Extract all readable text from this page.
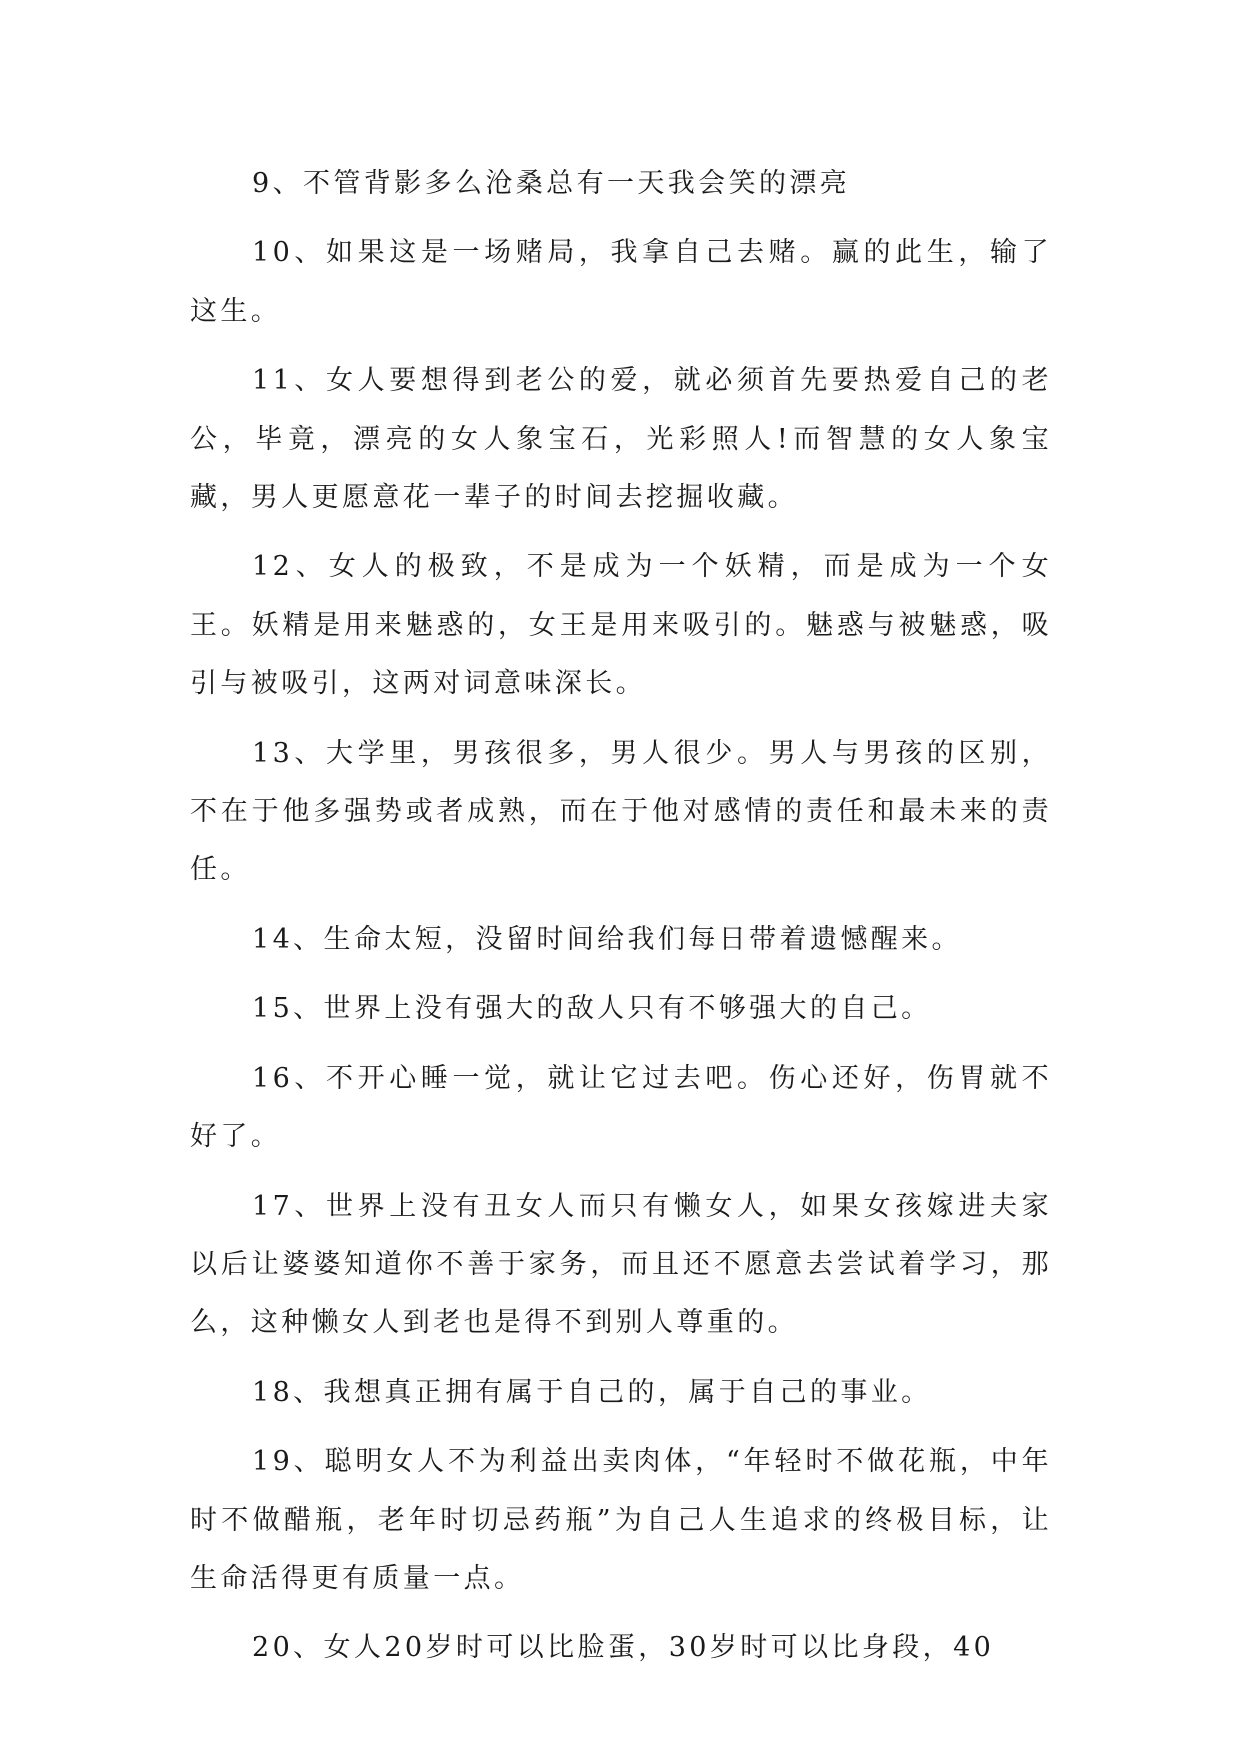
9、不管背影多么沧桑总有一天我会笑的漂亮

10、如果这是一场赌局，我拿自己去赌。赢的此生，输了这生。

11、女人要想得到老公的爱，就必须首先要热爱自己的老公，毕竟，漂亮的女人象宝石，光彩照人!而智慧的女人象宝藏，男人更愿意花一辈子的时间去挖掘收藏。

12、女人的极致，不是成为一个妖精，而是成为一个女王。妖精是用来魅惑的，女王是用来吸引的。魅惑与被魅惑，吸引与被吸引，这两对词意味深长。

13、大学里，男孩很多，男人很少。男人与男孩的区别，不在于他多强势或者成熟，而在于他对感情的责任和最未来的责任。

14、生命太短，没留时间给我们每日带着遗憾醒来。

15、世界上没有强大的敌人只有不够强大的自己。

16、不开心睡一觉，就让它过去吧。伤心还好，伤胃就不好了。

17、世界上没有丑女人而只有懒女人，如果女孩嫁进夫家以后让婆婆知道你不善于家务，而且还不愿意去尝试着学习，那么，这种懒女人到老也是得不到别人尊重的。

18、我想真正拥有属于自己的，属于自己的事业。

19、聪明女人不为利益出卖肉体，“年轻时不做花瓶，中年时不做醋瓶，老年时切忌药瓶”为自己人生追求的终极目标，让生命活得更有质量一点。

20、女人20岁时可以比脸蛋，30岁时可以比身段，40
